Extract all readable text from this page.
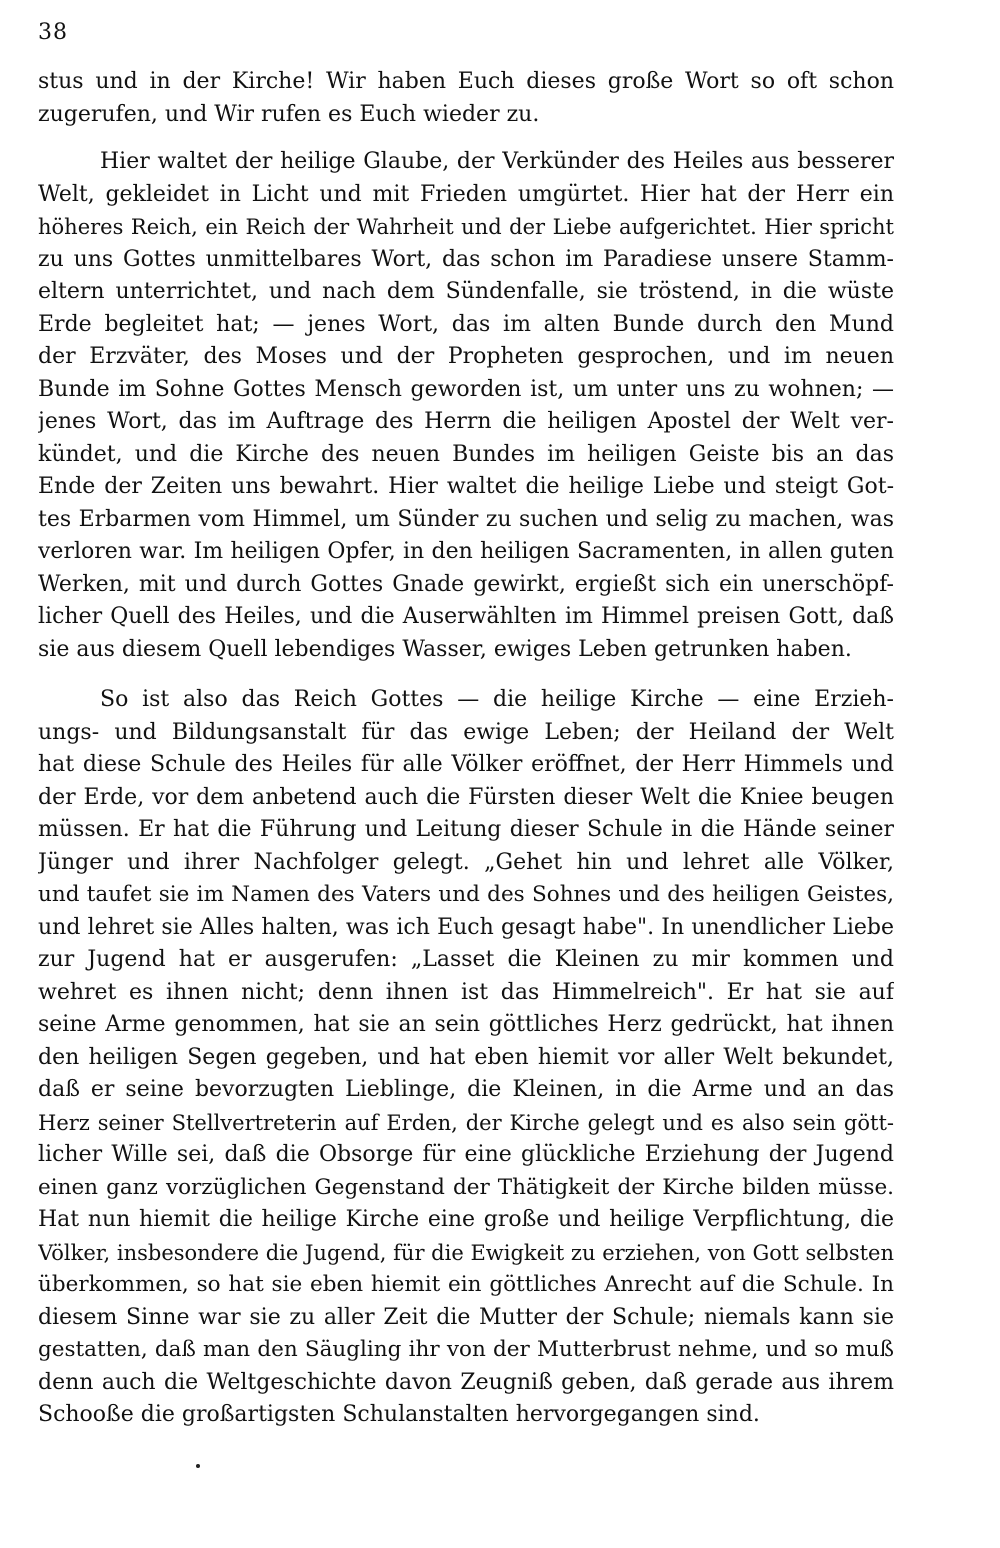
38
stus und in der Kirche! Wir haben Euch dieses große Wort so oft schon
zugerufen, und Wir rufen es Euch wieder zu.
Hier waltet der heilige Glaube, der Verkünder des Heiles aus besserer
Welt, gekleidet in Licht und mit Frieden umgürtet. Hier hat der Herr ein
höheres Reich, ein Reich der Wahrheit und der Liebe aufgerichtet. Hier spricht
zu uns Gottes unmittelbares Wort, das schon im Paradiese unsere Stamm-
eltern unterrichtet, und nach dem Sündenfalle, sie tröstend, in die wüste
Erde begleitet hat; — jenes Wort, das im alten Bunde durch den Mund
der Erzväter, des Moses und der Propheten gesprochen, und im neuen
Bunde im Sohne Gottes Mensch geworden ist, um unter uns zu wohnen; —
jenes Wort, das im Auftrage des Herrn die heiligen Apostel der Welt ver-
kündet, und die Kirche des neuen Bundes im heiligen Geiste bis an das
Ende der Zeiten uns bewahrt. Hier waltet die heilige Liebe und steigt Got-
tes Erbarmen vom Himmel, um Sünder zu suchen und selig zu machen, was
verloren war. Im heiligen Opfer, in den heiligen Sacramenten, in allen guten
Werken, mit und durch Gottes Gnade gewirkt, ergießt sich ein unerschöpf-
licher Quell des Heiles, und die Auserwählten im Himmel preisen Gott, daß
sie aus diesem Quell lebendiges Wasser, ewiges Leben getrunken haben.
So ist also das Reich Gottes — die heilige Kirche — eine Erzieh-
ungs- und Bildungsanstalt für das ewige Leben; der Heiland der Welt
hat diese Schule des Heiles für alle Völker eröffnet, der Herr Himmels und
der Erde, vor dem anbetend auch die Fürsten dieser Welt die Kniee beugen
müssen. Er hat die Führung und Leitung dieser Schule in die Hände seiner
Jünger und ihrer Nachfolger gelegt. „Gehet hin und lehret alle Völker,
und taufet sie im Namen des Vaters und des Sohnes und des heiligen Geistes,
und lehret sie Alles halten, was ich Euch gesagt habe". In unendlicher Liebe
zur Jugend hat er ausgerufen: „Lasset die Kleinen zu mir kommen und
wehret es ihnen nicht; denn ihnen ist das Himmelreich". Er hat sie auf
seine Arme genommen, hat sie an sein göttliches Herz gedrückt, hat ihnen
den heiligen Segen gegeben, und hat eben hiemit vor aller Welt bekundet,
daß er seine bevorzugten Lieblinge, die Kleinen, in die Arme und an das
Herz seiner Stellvertreterin auf Erden, der Kirche gelegt und es also sein gött-
licher Wille sei, daß die Obsorge für eine glückliche Erziehung der Jugend
einen ganz vorzüglichen Gegenstand der Thätigkeit der Kirche bilden müsse.
Hat nun hiemit die heilige Kirche eine große und heilige Verpflichtung, die
Völker, insbesondere die Jugend, für die Ewigkeit zu erziehen, von Gott selbsten
überkommen, so hat sie eben hiemit ein göttliches Anrecht auf die Schule. In
diesem Sinne war sie zu aller Zeit die Mutter der Schule; niemals kann sie
gestatten, daß man den Säugling ihr von der Mutterbrust nehme, und so muß
denn auch die Weltgeschichte davon Zeugniß geben, daß gerade aus ihrem
Schooße die großartigsten Schulanstalten hervorgegangen sind.
